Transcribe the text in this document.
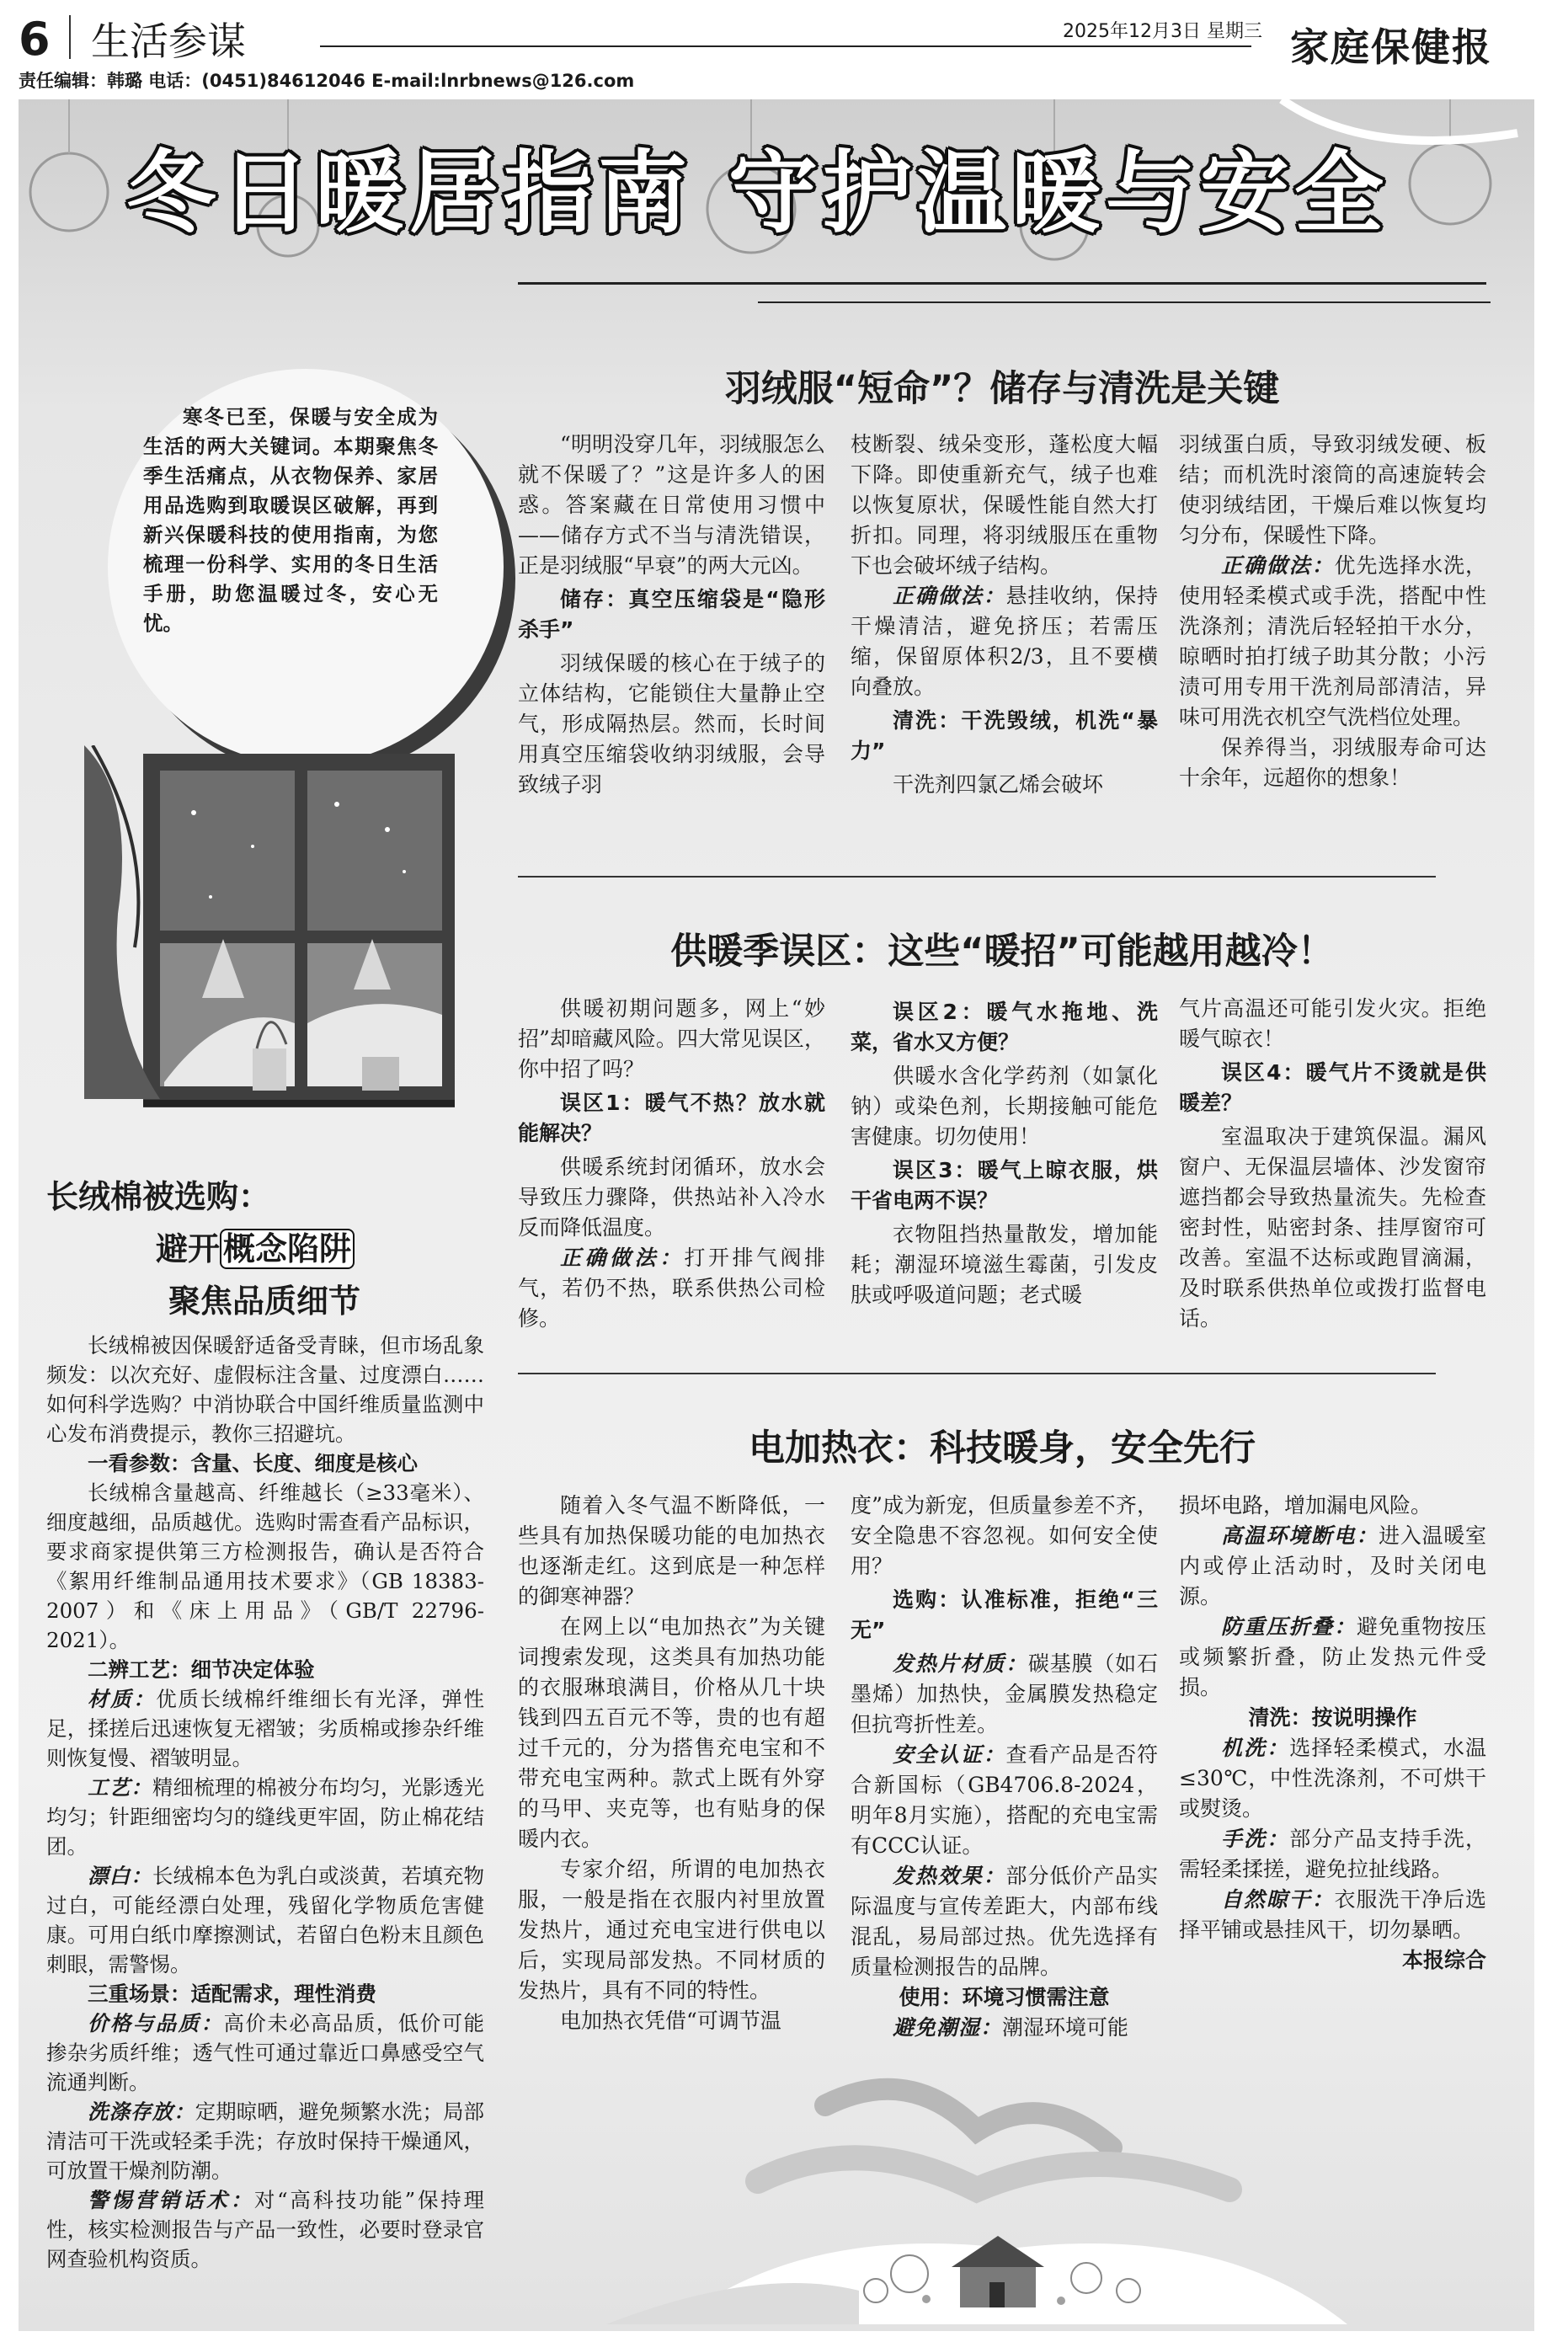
6 生活参谋	2025年12月3日 星期三 家庭保健报
责任编辑：韩璐 电话：(0451)84612046 E-mail:lnrbnews@126.com
冬日暖居指南 守护温暖与安全
寒冬已至，保暖与安全成为生活的两大关键词。本期聚焦冬季生活痛点，从衣物保养、家居用品选购到取暖误区破解，再到新兴保暖科技的使用指南，为您梳理一份科学、实用的冬日生活手册，助您温暖过冬，安心无忧。
羽绒服“短命”？储存与清洗是关键

“明明没穿几年，羽绒服怎么就不保暖了？”这是许多人的困惑。答案藏在日常使用习惯中——储存方式不当与清洗错误，正是羽绒服“早衰”的两大元凶。

储存：真空压缩袋是“隐形杀手”

羽绒保暖的核心在于绒子的立体结构，它能锁住大量静止空气，形成隔热层。然而，长时间用真空压缩袋收纳羽绒服，会导致绒子羽

枝断裂、绒朵变形，蓬松度大幅下降。即使重新充气，绒子也难以恢复原状，保暖性能自然大打折扣。同理，将羽绒服压在重物下也会破坏绒子结构。

正确做法：悬挂收纳，保持干燥清洁，避免挤压；若需压缩，保留原体积2/3，且不要横向叠放。

清洗：干洗毁绒，机洗“暴力”

干洗剂四氯乙烯会破坏

羽绒蛋白质，导致羽绒发硬、板结；而机洗时滚筒的高速旋转会使羽绒结团，干燥后难以恢复均匀分布，保暖性下降。

正确做法：优先选择水洗，使用轻柔模式或手洗，搭配中性洗涤剂；清洗后轻轻拍干水分，晾晒时拍打绒子助其分散；小污渍可用专用干洗剂局部清洁，异味可用洗衣机空气洗档位处理。

保养得当，羽绒服寿命可达十余年，远超你的想象！

供暖季误区：这些“暖招”可能越用越冷！

供暖初期问题多，网上“妙招”却暗藏风险。四大常见误区，你中招了吗？

误区1：暖气不热？放水就能解决？

供暖系统封闭循环，放水会导致压力骤降，供热站补入冷水反而降低温度。

正确做法：打开排气阀排气，若仍不热，联系供热公司检修。

误区2：暖气水拖地、洗菜，省水又方便？

供暖水含化学药剂（如氯化钠）或染色剂，长期接触可能危害健康。切勿使用！

误区3：暖气上晾衣服，烘干省电两不误？

衣物阻挡热量散发，增加能耗；潮湿环境滋生霉菌，引发皮肤或呼吸道问题；老式暖

气片高温还可能引发火灾。拒绝暖气晾衣！

误区4：暖气片不烫就是供暖差？

室温取决于建筑保温。漏风窗户、无保温层墙体、沙发窗帘遮挡都会导致热量流失。先检查密封性，贴密封条、挂厚窗帘可改善。室温不达标或跑冒滴漏，及时联系供热单位或拨打监督电话。

电加热衣：科技暖身，安全先行

随着入冬气温不断降低，一些具有加热保暖功能的电加热衣也逐渐走红。这到底是一种怎样的御寒神器？

在网上以“电加热衣”为关键词搜索发现，这类具有加热功能的衣服琳琅满目，价格从几十块钱到四五百元不等，贵的也有超过千元的，分为搭售充电宝和不带充电宝两种。款式上既有外穿的马甲、夹克等，也有贴身的保暖内衣。

专家介绍，所谓的电加热衣服，一般是指在衣服内衬里放置发热片，通过充电宝进行供电以后，实现局部发热。不同材质的发热片，具有不同的特性。

电加热衣凭借“可调节温

度”成为新宠，但质量参差不齐，安全隐患不容忽视。如何安全使用？

选购：认准标准，拒绝“三无”

发热片材质：碳基膜（如石墨烯）加热快，金属膜发热稳定但抗弯折性差。

安全认证：查看产品是否符合新国标（GB4706.8-2024，明年8月实施），搭配的充电宝需有CCC认证。

发热效果：部分低价产品实际温度与宣传差距大，内部布线混乱，易局部过热。优先选择有质量检测报告的品牌。

使用：环境习惯需注意

避免潮湿：潮湿环境可能

损坏电路，增加漏电风险。

高温环境断电：进入温暖室内或停止活动时，及时关闭电源。

防重压折叠：避免重物按压或频繁折叠，防止发热元件受损。

清洗：按说明操作

机洗：选择轻柔模式，水温≤30℃，中性洗涤剂，不可烘干或熨烫。

手洗：部分产品支持手洗，需轻柔揉搓，避免拉扯线路。

自然晾干：衣服洗干净后选择平铺或悬挂风干，切勿暴晒。

本报综合

长绒棉被选购：
避开 概念陷阱
聚焦品质细节

长绒棉被因保暖舒适备受青睐，但市场乱象频发：以次充好、虚假标注含量、过度漂白……如何科学选购？中消协联合中国纤维质量监测中心发布消费提示，教你三招避坑。

一看参数：含量、长度、细度是核心

长绒棉含量越高、纤维越长（≥33毫米）、细度越细，品质越优。选购时需查看产品标识，要求商家提供第三方检测报告，确认是否符合《絮用纤维制品通用技术要求》（GB 18383-2007）和《床上用品》（GB/T 22796-2021）。

二辨工艺：细节决定体验

材质：优质长绒棉纤维细长有光泽，弹性足，揉搓后迅速恢复无褶皱；劣质棉或掺杂纤维则恢复慢、褶皱明显。

工艺：精细梳理的棉被分布均匀，光影透光均匀；针距细密均匀的缝线更牢固，防止棉花结团。

漂白：长绒棉本色为乳白或淡黄，若填充物过白，可能经漂白处理，残留化学物质危害健康。可用白纸巾摩擦测试，若留白色粉末且颜色刺眼，需警惕。

三重场景：适配需求，理性消费

价格与品质：高价未必高品质，低价可能掺杂劣质纤维；透气性可通过靠近口鼻感受空气流通判断。

洗涤存放：定期晾晒，避免频繁水洗；局部清洁可干洗或轻柔手洗；存放时保持干燥通风，可放置干燥剂防潮。

警惕营销话术：对“高科技功能”保持理性，核实检测报告与产品一致性，必要时登录官网查验机构资质。
